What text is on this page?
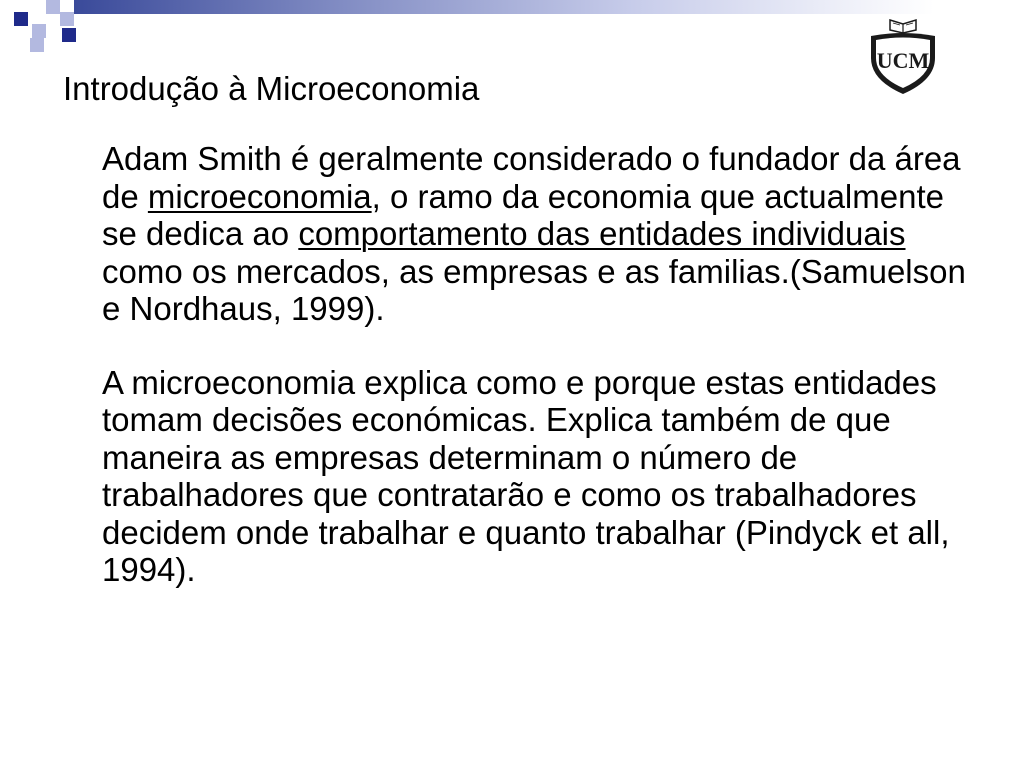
UCM
Introdução à Microeconomia

Adam Smith é geralmente considerado o fundador da área de microeconomia, o ramo da economia que actualmente se dedica ao comportamento das entidades individuais como os mercados, as empresas e as familias.(Samuelson e Nordhaus, 1999).

A microeconomia explica como e porque estas entidades tomam decisões económicas. Explica também de que maneira as empresas determinam o número de trabalhadores que contratarão e como os trabalhadores decidem onde trabalhar e quanto trabalhar (Pindyck et all, 1994).
